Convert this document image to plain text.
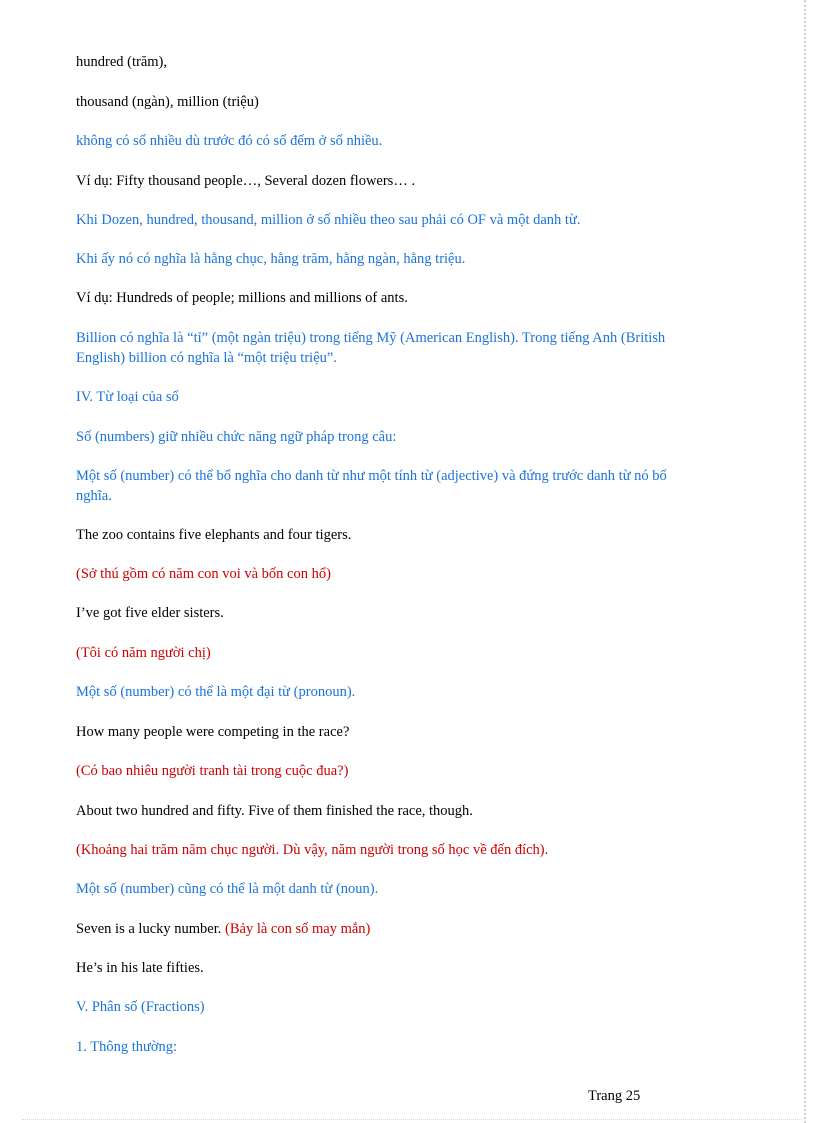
hundred (trăm),

thousand (ngàn), million (triệu)

không có số nhiều dù trước đó có số đếm ở số nhiều.

Ví dụ: Fifty thousand people…, Several dozen flowers… .

Khi Dozen, hundred, thousand, million ở số nhiều theo sau phải có OF và một danh từ.

Khi ấy nó có nghĩa là hằng chục, hằng trăm, hằng ngàn, hằng triệu.

Ví dụ: Hundreds of people; millions and millions of ants.

Billion có nghĩa là “tỉ” (một ngàn triệu) trong tiếng Mỹ (American English). Trong tiếng Anh (British English) billion có nghĩa là “một triệu triệu”.

IV. Từ loại của số

Số (numbers) giữ nhiều chức năng ngữ pháp trong câu:

Một số (number) có thể bổ nghĩa cho danh từ như một tính từ (adjective) và đứng trước danh từ nó bổ nghĩa.

The zoo contains five elephants and four tigers.

(Sở thú gồm có năm con voi và bốn con hổ)

I’ve got five elder sisters.

(Tôi có năm người chị)

Một số (number) có thể là một đại từ (pronoun).

How many people were competing in the race?

(Có bao nhiêu người tranh tài trong cuộc đua?)

About two hundred and fifty. Five of them finished the race, though.

(Khoảng hai trăm năm chục người. Dù vậy, năm người trong số học về đến đích).

Một số (number) cũng có thể là một danh từ (noun).

Seven is a lucky number. (Bảy là con số may mắn)

He’s in his late fifties.

V. Phân số (Fractions)

1. Thông thường:

Trang 25
